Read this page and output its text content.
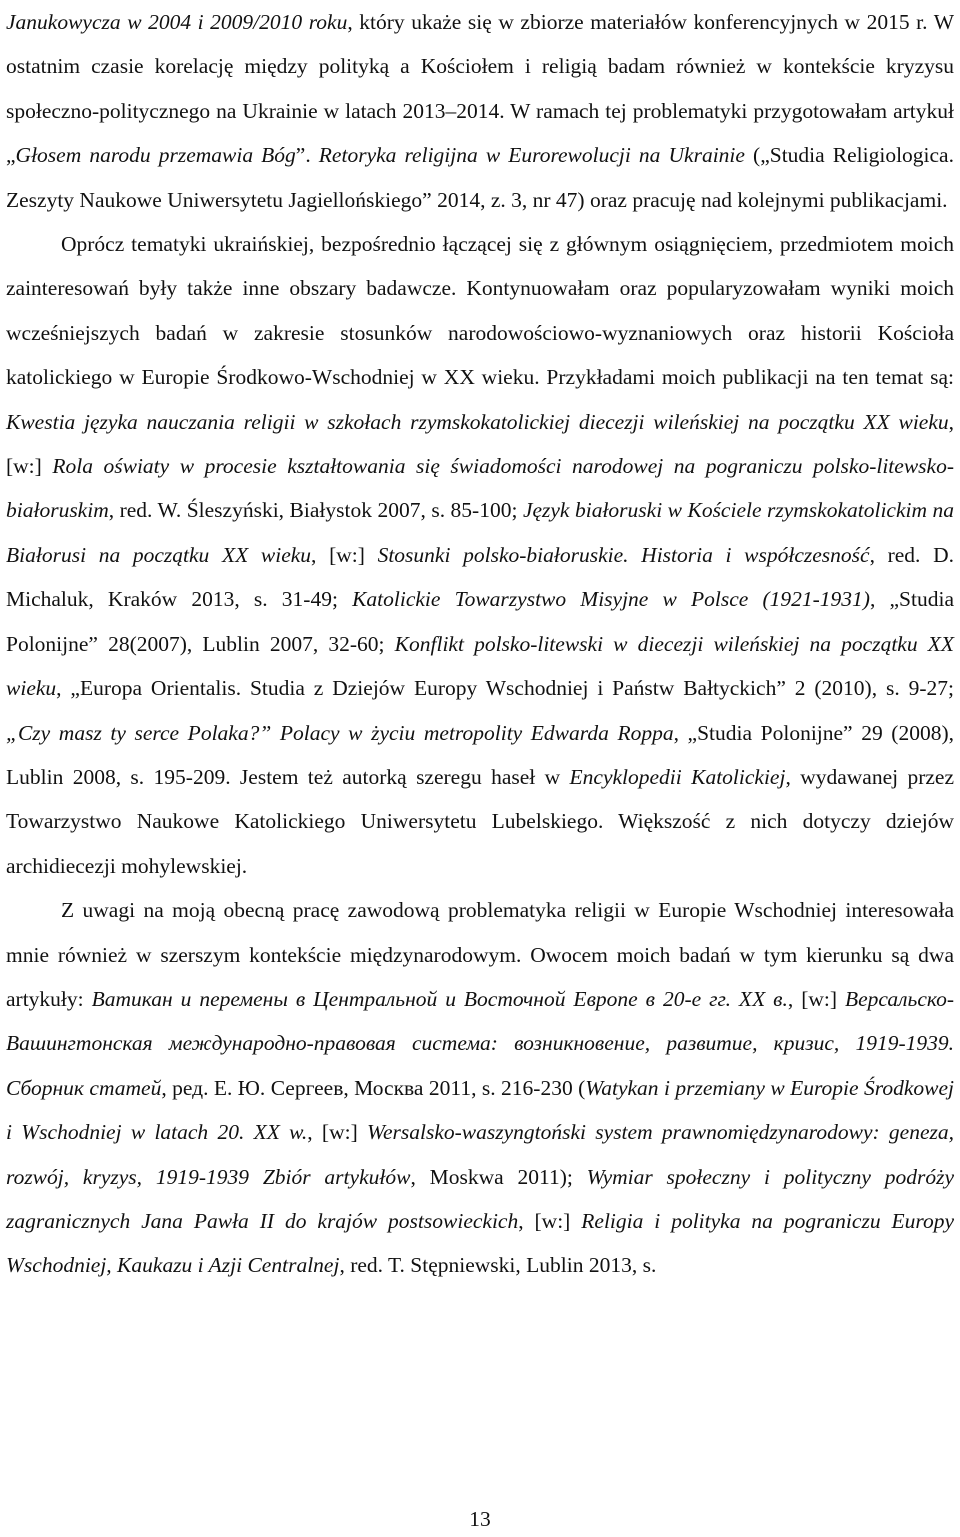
Janukowycza w 2004 i 2009/2010 roku, który ukaże się w zbiorze materiałów konferencyjnych w 2015 r. W ostatnim czasie korelację między polityką a Kościołem i religią badam również w kontekście kryzysu społeczno-politycznego na Ukrainie w latach 2013–2014. W ramach tej problematyki przygotowałam artykuł „Głosem narodu przemawia Bóg”. Retoryka religijna w Eurorewolucji na Ukrainie („Studia Religiologica. Zeszyty Naukowe Uniwersytetu Jagiellońskiego” 2014, z. 3, nr 47) oraz pracuję nad kolejnymi publikacjami.

Oprócz tematyki ukraińskiej, bezpośrednio łączącej się z głównym osiągnięciem, przedmiotem moich zainteresowań były także inne obszary badawcze. Kontynuowałam oraz popularyzowałam wyniki moich wcześniejszych badań w zakresie stosunków narodowościowo-wyznaniowych oraz historii Kościoła katolickiego w Europie Środkowo-Wschodniej w XX wieku. Przykładami moich publikacji na ten temat są: Kwestia języka nauczania religii w szkołach rzymskokatolickiej diecezji wileńskiej na początku XX wieku, [w:] Rola oświaty w procesie kształtowania się świadomości narodowej na pograniczu polsko-litewsko-białoruskim, red. W. Śleszyński, Białystok 2007, s. 85-100; Język białoruski w Kościele rzymskokatolickim na Białorusi na początku XX wieku, [w:] Stosunki polsko-białoruskie. Historia i współczesność, red. D. Michaluk, Kraków 2013, s. 31-49; Katolickie Towarzystwo Misyjne w Polsce (1921-1931), „Studia Polonijne” 28(2007), Lublin 2007, 32-60; Konflikt polsko-litewski w diecezji wileńskiej na początku XX wieku, „Europa Orientalis. Studia z Dziejów Europy Wschodniej i Państw Bałtyckich” 2 (2010), s. 9-27; „Czy masz ty serce Polaka?” Polacy w życiu metropolity Edwarda Roppa, „Studia Polonijne” 29 (2008), Lublin 2008, s. 195-209. Jestem też autorką szeregu haseł w Encyklopedii Katolickiej, wydawanej przez Towarzystwo Naukowe Katolickiego Uniwersytetu Lubelskiego. Większość z nich dotyczy dziejów archidiecezji mohylewskiej.

Z uwagi na moją obecną pracę zawodową problematyka religii w Europie Wschodniej interesowała mnie również w szerszym kontekście międzynarodowym. Owocem moich badań w tym kierunku są dwa artykuły: Ватикан и перемены в Центральной и Восточной Европе в 20-е гг. XX в., [w:] Версальско-Вашингтонская международно-правовая система: возникновение, развитие, кризис, 1919-1939. Сборник статей, ред. Е. Ю. Сергеев, Москва 2011, s. 216-230 (Watykan i przemiany w Europie Środkowej i Wschodniej w latach 20. XX w., [w:] Wersalsko-waszyngtoński system prawnomiędzynarodowy: geneza, rozwój, kryzys, 1919-1939 Zbiór artykułów, Moskwa 2011); Wymiar społeczny i polityczny podróży zagranicznych Jana Pawła II do krajów postsowieckich, [w:] Religia i polityka na pograniczu Europy Wschodniej, Kaukazu i Azji Centralnej, red. T. Stępniewski, Lublin 2013, s.

13
